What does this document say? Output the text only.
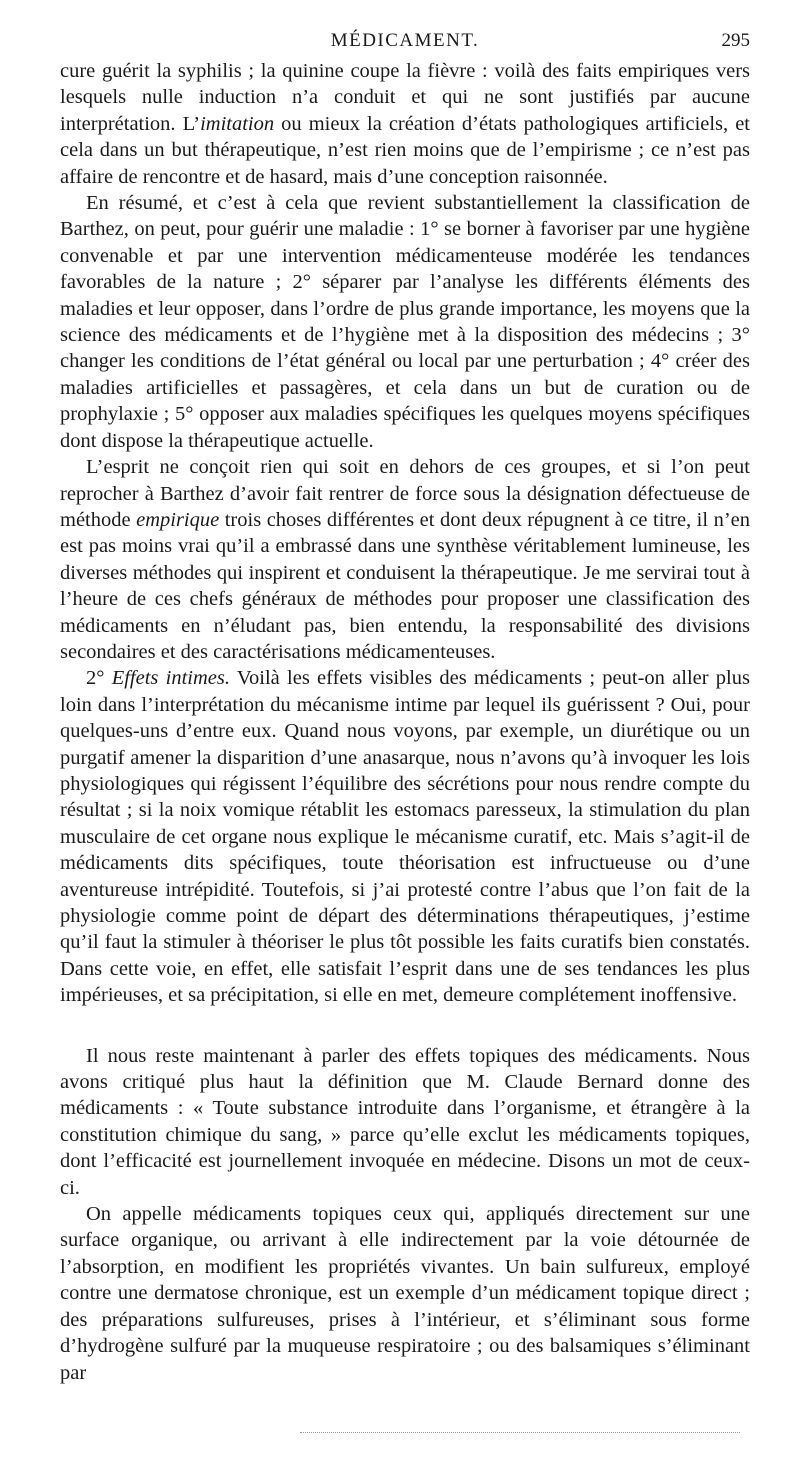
MÉDICAMENT.	295

cure guérit la syphilis ; la quinine coupe la fièvre : voilà des faits empiriques vers lesquels nulle induction n’a conduit et qui ne sont justifiés par aucune interprétation. L’imitation ou mieux la création d’états pathologiques artificiels, et cela dans un but thérapeutique, n’est rien moins que de l’empirisme ; ce n’est pas affaire de rencontre et de hasard, mais d’une conception raisonnée.

En résumé, et c’est à cela que revient substantiellement la classification de Barthez, on peut, pour guérir une maladie : 1° se borner à favoriser par une hygiène convenable et par une intervention médicamenteuse modérée les tendances favorables de la nature ; 2° séparer par l’analyse les différents éléments des maladies et leur opposer, dans l’ordre de plus grande importance, les moyens que la science des médicaments et de l’hygiène met à la disposition des médecins ; 3° changer les conditions de l’état général ou local par une perturbation ; 4° créer des maladies artificielles et passagères, et cela dans un but de curation ou de prophylaxie ; 5° opposer aux maladies spécifiques les quelques moyens spécifiques dont dispose la thérapeutique actuelle.

L’esprit ne conçoit rien qui soit en dehors de ces groupes, et si l’on peut reprocher à Barthez d’avoir fait rentrer de force sous la désignation défectueuse de méthode empirique trois choses différentes et dont deux répugnent à ce titre, il n’en est pas moins vrai qu’il a embrassé dans une synthèse véritablement lumineuse, les diverses méthodes qui inspirent et conduisent la thérapeutique. Je me servirai tout à l’heure de ces chefs généraux de méthodes pour proposer une classification des médicaments en n’éludant pas, bien entendu, la responsabilité des divisions secondaires et des caractérisations médicamenteuses.

2° Effets intimes. Voilà les effets visibles des médicaments ; peut-on aller plus loin dans l’interprétation du mécanisme intime par lequel ils guérissent ? Oui, pour quelques-uns d’entre eux. Quand nous voyons, par exemple, un diurétique ou un purgatif amener la disparition d’une anasarque, nous n’avons qu’à invoquer les lois physiologiques qui régissent l’équilibre des sécrétions pour nous rendre compte du résultat ; si la noix vomique rétablit les estomacs paresseux, la stimulation du plan musculaire de cet organe nous explique le mécanisme curatif, etc. Mais s’agit-il de médicaments dits spécifiques, toute théorisation est infructueuse ou d’une aventureuse intrépidité. Toutefois, si j’ai protesté contre l’abus que l’on fait de la physiologie comme point de départ des déterminations thérapeutiques, j’estime qu’il faut la stimuler à théoriser le plus tôt possible les faits curatifs bien constatés. Dans cette voie, en effet, elle satisfait l’esprit dans une de ses tendances les plus impérieuses, et sa précipitation, si elle en met, demeure complétement inoffensive.

Il nous reste maintenant à parler des effets topiques des médicaments. Nous avons critiqué plus haut la définition que M. Claude Bernard donne des médicaments : « Toute substance introduite dans l’organisme, et étrangère à la constitution chimique du sang, » parce qu’elle exclut les médicaments topiques, dont l’efficacité est journellement invoquée en médecine. Disons un mot de ceux-ci.

On appelle médicaments topiques ceux qui, appliqués directement sur une surface organique, ou arrivant à elle indirectement par la voie détournée de l’absorption, en modifient les propriétés vivantes. Un bain sulfureux, employé contre une dermatose chronique, est un exemple d’un médicament topique direct ; des préparations sulfureuses, prises à l’intérieur, et s’éliminant sous forme d’hydrogène sulfuré par la muqueuse respiratoire ; ou des balsamiques s’éliminant par
